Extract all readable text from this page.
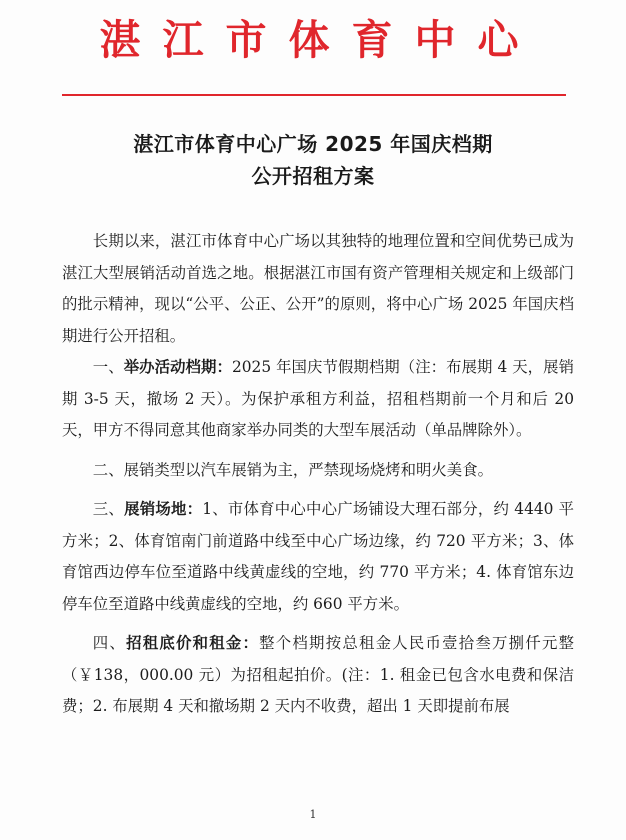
湛江市体育中心
湛江市体育中心广场 2025 年国庆档期
公开招租方案

长期以来，湛江市体育中心广场以其独特的地理位置和空间优势已成为湛江大型展销活动首选之地。根据湛江市国有资产管理相关规定和上级部门的批示精神，现以“公平、公正、公开”的原则，将中心广场 2025 年国庆档期进行公开招租。

一、举办活动档期：2025 年国庆节假期档期（注：布展期 4 天，展销期 3-5 天，撤场 2 天）。为保护承租方利益，招租档期前一个月和后 20 天，甲方不得同意其他商家举办同类的大型车展活动（单品牌除外）。

二、展销类型以汽车展销为主，严禁现场烧烤和明火美食。

三、展销场地：1、市体育中心中心广场铺设大理石部分，约 4440 平方米；2、体育馆南门前道路中线至中心广场边缘，约 720 平方米；3、体育馆西边停车位至道路中线黄虚线的空地，约 770 平方米；4. 体育馆东边停车位至道路中线黄虚线的空地，约 660 平方米。

四、招租底价和租金：整个档期按总租金人民币壹拾叁万捌仟元整（￥138，000.00 元）为招租起拍价。(注：1. 租金已包含水电费和保洁费；2. 布展期 4 天和撤场期 2 天内不收费，超出 1 天即提前布展

1
